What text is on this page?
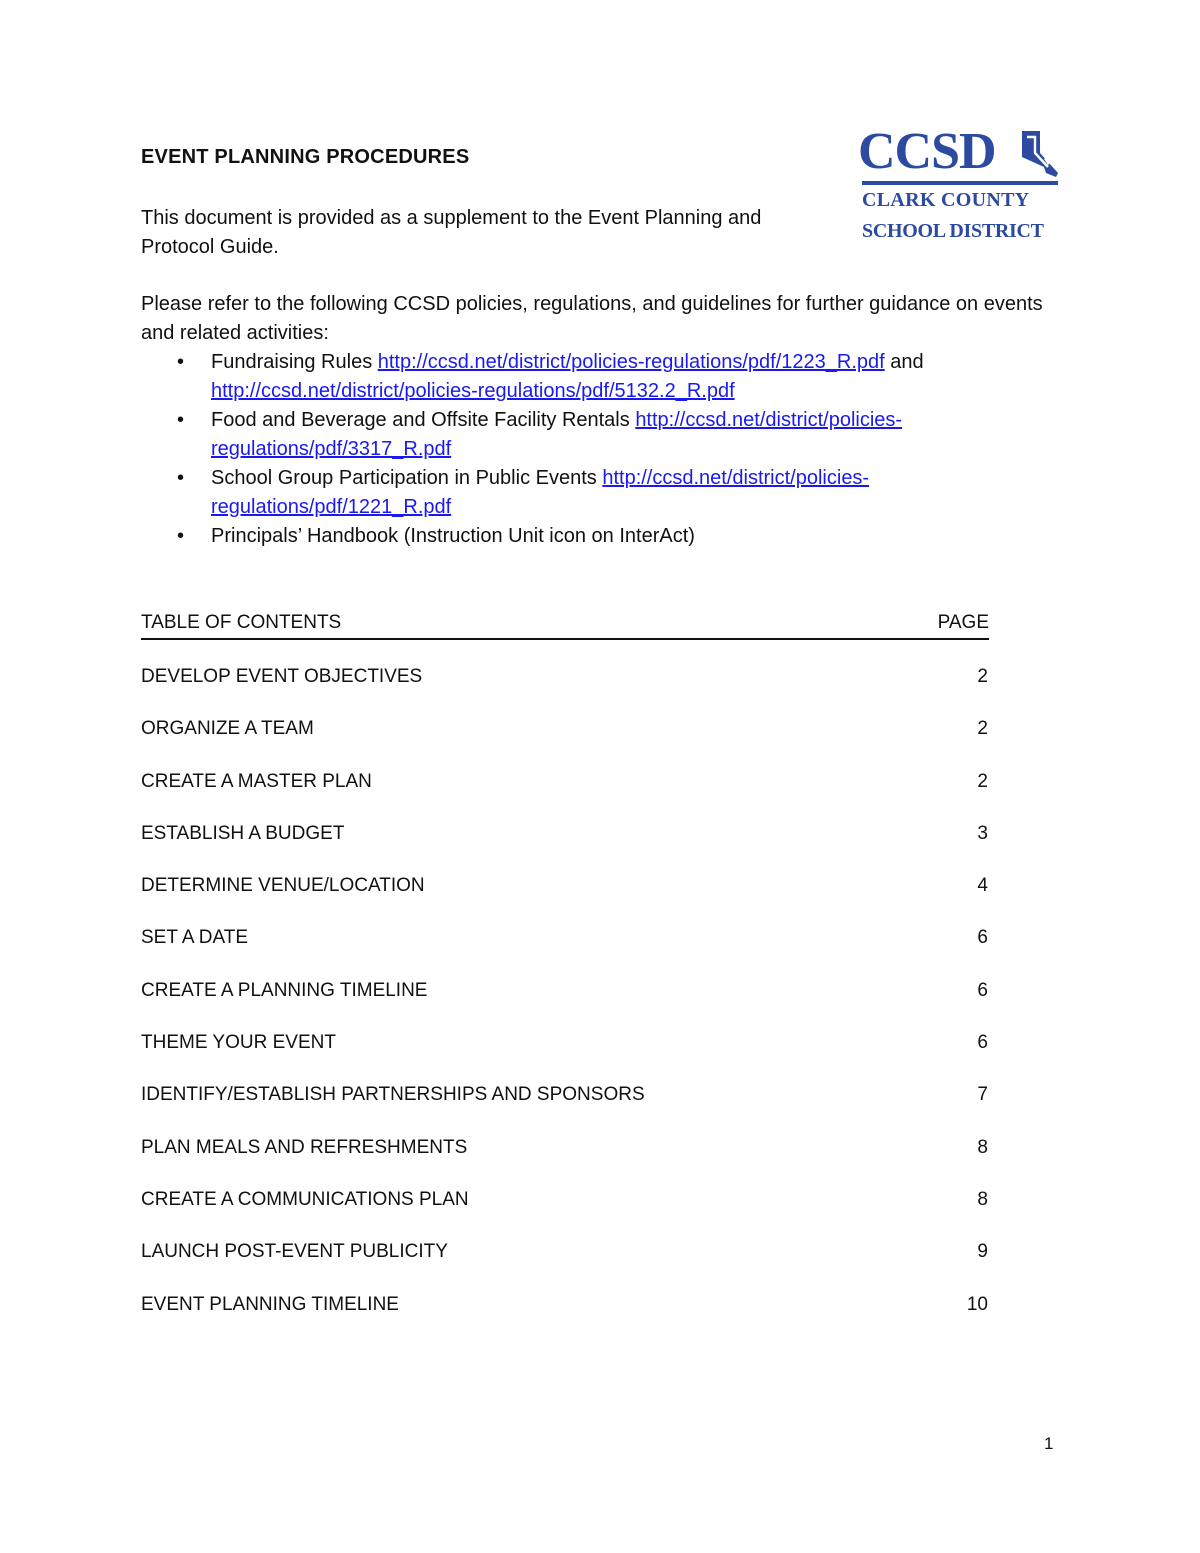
EVENT PLANNING PROCEDURES
This document is provided as a supplement to the Event Planning and Protocol Guide.
CCSD
CLARK COUNTY
SCHOOL DISTRICT
Please refer to the following CCSD policies, regulations, and guidelines for further guidance on events and related activities:
• Fundraising Rules http://ccsd.net/district/policies-regulations/pdf/1223_R.pdf and http://ccsd.net/district/policies-regulations/pdf/5132.2_R.pdf
• Food and Beverage and Offsite Facility Rentals http://ccsd.net/district/policies-regulations/pdf/3317_R.pdf
• School Group Participation in Public Events http://ccsd.net/district/policies-regulations/pdf/1221_R.pdf
• Principals’ Handbook (Instruction Unit icon on InterAct)
TABLE OF CONTENTS	PAGE
DEVELOP EVENT OBJECTIVES	2
ORGANIZE A TEAM	2
CREATE A MASTER PLAN	2
ESTABLISH A BUDGET	3
DETERMINE VENUE/LOCATION	4
SET A DATE	6
CREATE A PLANNING TIMELINE	6
THEME YOUR EVENT	6
IDENTIFY/ESTABLISH PARTNERSHIPS AND SPONSORS	7
PLAN MEALS AND REFRESHMENTS	8
CREATE A COMMUNICATIONS PLAN	8
LAUNCH POST-EVENT PUBLICITY	9
EVENT PLANNING TIMELINE	10
1
